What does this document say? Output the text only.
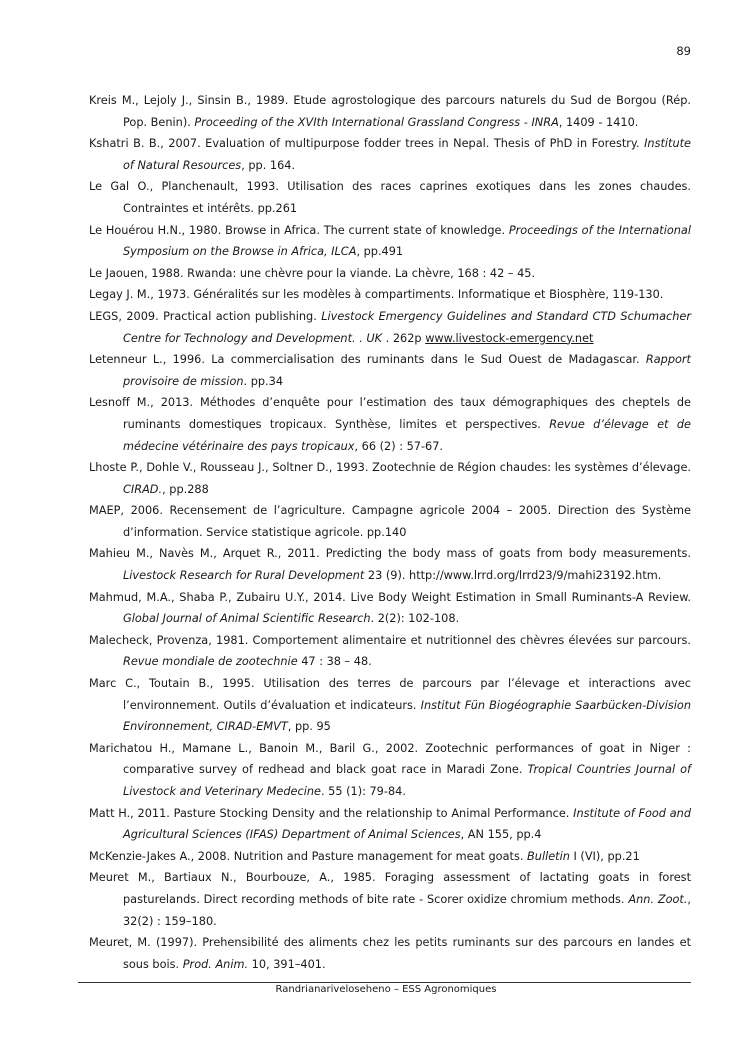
89

Kreis M., Lejoly J., Sinsin B., 1989. Etude agrostologique des parcours naturels du Sud de Borgou (Rép. Pop. Benin). Proceeding of the XVIth International Grassland Congress - INRA, 1409 - 1410.

Kshatri B. B., 2007. Evaluation of multipurpose fodder trees in Nepal. Thesis of PhD in Forestry. Institute of Natural Resources, pp. 164.

Le Gal O., Planchenault, 1993. Utilisation des races caprines exotiques dans les zones chaudes. Contraintes et intérêts. pp.261

Le Houérou H.N., 1980. Browse in Africa. The current state of knowledge. Proceedings of the International Symposium on the Browse in Africa, ILCA, pp.491

Le Jaouen, 1988. Rwanda: une chèvre pour la viande. La chèvre, 168 : 42 – 45.

Legay J. M., 1973. Généralités sur les modèles à compartiments. Informatique et Biosphère, 119-130.

LEGS, 2009. Practical action publishing. Livestock Emergency Guidelines and Standard CTD Schumacher Centre for Technology and Development. . UK . 262p www.livestock-emergency.net

Letenneur L., 1996. La commercialisation des ruminants dans le Sud Ouest de Madagascar. Rapport provisoire de mission. pp.34

Lesnoff M., 2013. Méthodes d’enquête pour l’estimation des taux démographiques des cheptels de ruminants domestiques tropicaux. Synthèse, limites et perspectives. Revue d’élevage et de médecine vétérinaire des pays tropicaux, 66 (2) : 57-67.

Lhoste P., Dohle V., Rousseau J., Soltner D., 1993. Zootechnie de Région chaudes: les systèmes d’élevage. CIRAD., pp.288

MAEP, 2006. Recensement de l’agriculture. Campagne agricole 2004 – 2005. Direction des Système d’information. Service statistique agricole. pp.140

Mahieu M., Navès M., Arquet R., 2011. Predicting the body mass of goats from body measurements. Livestock Research for Rural Development 23 (9). http://www.lrrd.org/lrrd23/9/mahi23192.htm.

Mahmud, M.A., Shaba P., Zubairu U.Y., 2014. Live Body Weight Estimation in Small Ruminants-A Review. Global Journal of Animal Scientific Research. 2(2): 102-108.

Malecheck, Provenza, 1981. Comportement alimentaire et nutritionnel des chèvres élevées sur parcours. Revue mondiale de zootechnie 47 : 38 – 48.

Marc C., Toutain B., 1995. Utilisation des terres de parcours par l’élevage et interactions avec l’environnement. Outils d’évaluation et indicateurs. Institut Fün Biogéographie Saarbücken-Division Environnement, CIRAD-EMVT, pp. 95

Marichatou H., Mamane L., Banoin M., Baril G., 2002. Zootechnic performances of goat in Niger : comparative survey of redhead and black goat race in Maradi Zone. Tropical Countries Journal of Livestock and Veterinary Medecine. 55 (1): 79-84.

Matt H., 2011. Pasture Stocking Density and the relationship to Animal Performance. Institute of Food and Agricultural Sciences (IFAS) Department of Animal Sciences, AN 155, pp.4

McKenzie-Jakes A., 2008. Nutrition and Pasture management for meat goats. Bulletin I (VI), pp.21

Meuret M., Bartiaux N., Bourbouze, A., 1985. Foraging assessment of lactating goats in forest pasturelands. Direct recording methods of bite rate - Scorer oxidize chromium methods. Ann. Zoot., 32(2) : 159–180.

Meuret, M. (1997). Prehensibilité des aliments chez les petits ruminants sur des parcours en landes et sous bois. Prod. Anim. 10, 391–401.

Randrianariveloseheno – ESS Agronomiques
